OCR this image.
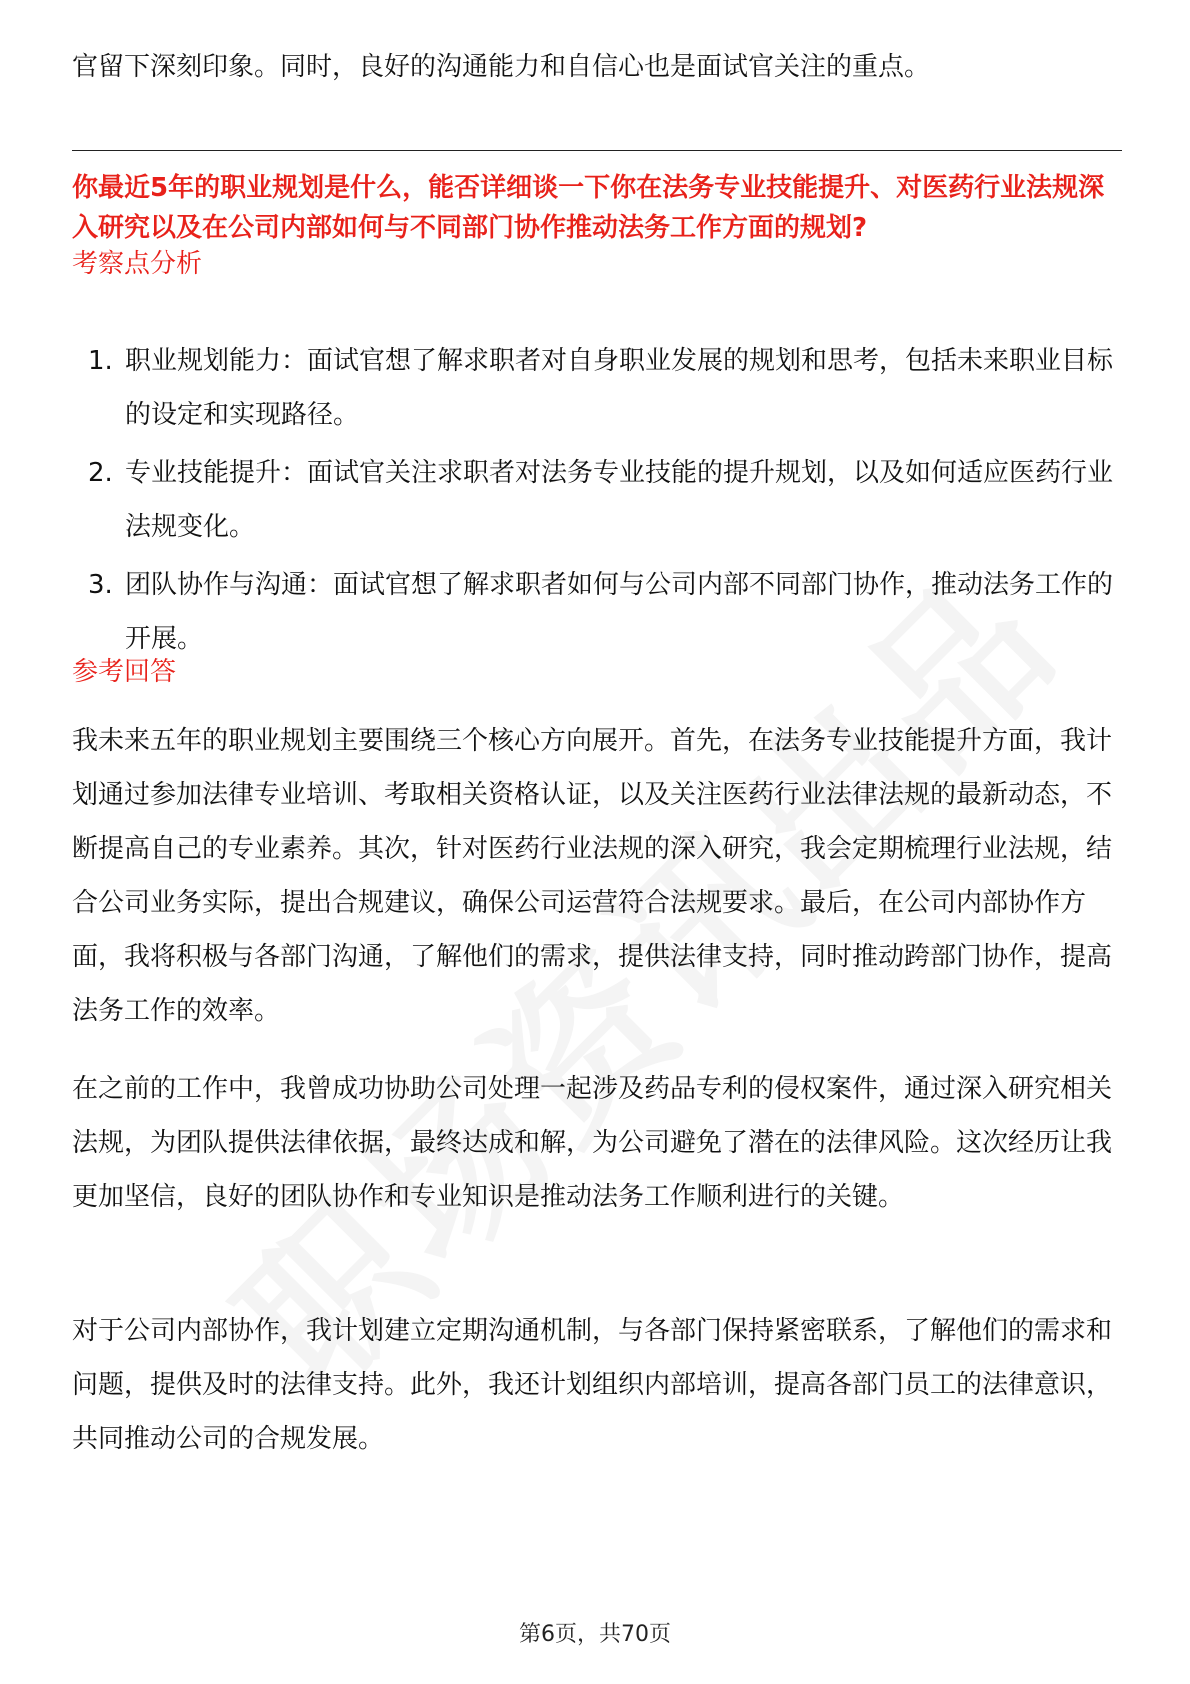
官留下深刻印象。同时，良好的沟通能力和自信心也是面试官关注的重点。

你最近5年的职业规划是什么，能否详细谈一下你在法务专业技能提升、对医药行业法规深入研究以及在公司内部如何与不同部门协作推动法务工作方面的规划?

考察点分析
1. 职业规划能力：面试官想了解求职者对自身职业发展的规划和思考，包括未来职业目标的设定和实现路径。
2. 专业技能提升：面试官关注求职者对法务专业技能的提升规划，以及如何适应医药行业法规变化。
3. 团队协作与沟通：面试官想了解求职者如何与公司内部不同部门协作，推动法务工作的开展。
参考回答

我未来五年的职业规划主要围绕三个核心方向展开。首先，在法务专业技能提升方面，我计划通过参加法律专业培训、考取相关资格认证，以及关注医药行业法律法规的最新动态，不断提高自己的专业素养。其次，针对医药行业法规的深入研究，我会定期梳理行业法规，结合公司业务实际，提出合规建议，确保公司运营符合法规要求。最后，在公司内部协作方面，我将积极与各部门沟通，了解他们的需求，提供法律支持，同时推动跨部门协作，提高法务工作的效率。

在之前的工作中，我曾成功协助公司处理一起涉及药品专利的侵权案件，通过深入研究相关法规，为团队提供法律依据，最终达成和解，为公司避免了潜在的法律风险。这次经历让我更加坚信，良好的团队协作和专业知识是推动法务工作顺利进行的关键。

对于公司内部协作，我计划建立定期沟通机制，与各部门保持紧密联系，了解他们的需求和问题，提供及时的法律支持。此外，我还计划组织内部培训，提高各部门员工的法律意识，共同推动公司的合规发展。

第6页，共70页
